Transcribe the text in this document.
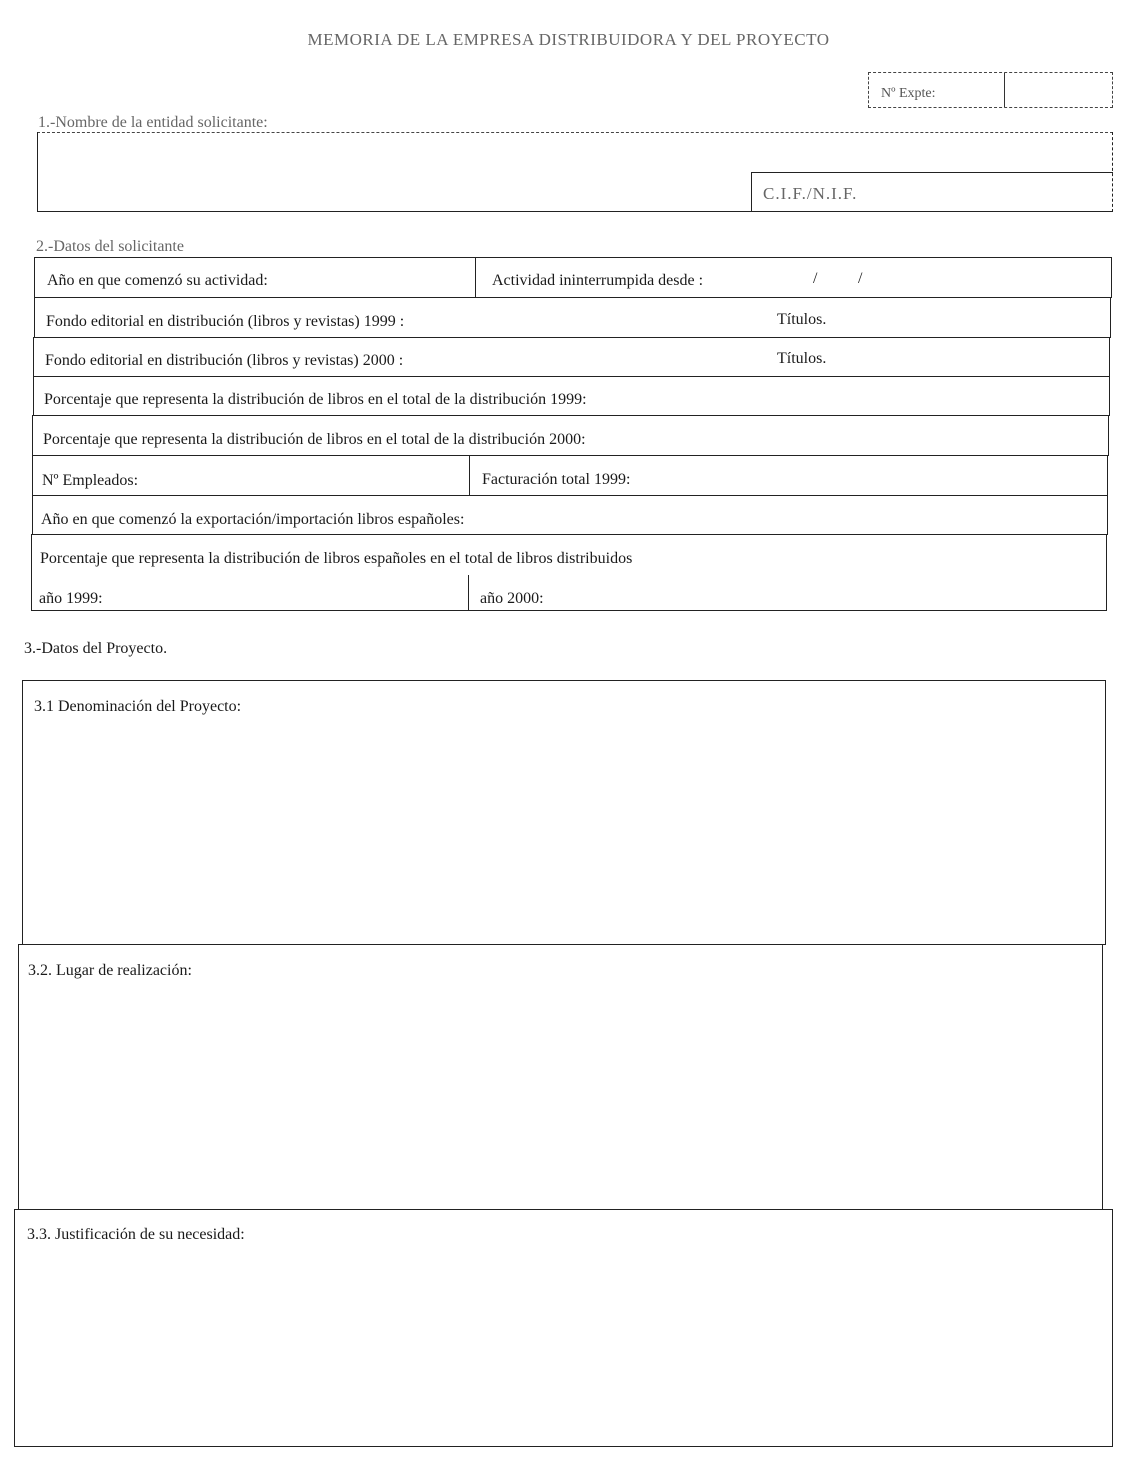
MEMORIA DE LA EMPRESA DISTRIBUIDORA Y DEL PROYECTO
Nº Expte:
1.-Nombre de la entidad solicitante:
C.I.F./N.I.F.
2.-Datos del solicitante
Año en que comenzó su actividad:	Actividad ininterrumpida desde :	/	/
Fondo editorial en distribución (libros y revistas) 1999 :	Títulos.
Fondo editorial en distribución (libros y revistas) 2000 :	Títulos.
Porcentaje que representa la distribución de libros en el total de la distribución 1999:
Porcentaje que representa la distribución de libros en el total de la distribución 2000:
Nº Empleados:	Facturación total 1999:
Año en que comenzó la exportación/importación libros españoles:
Porcentaje que representa la distribución de libros españoles en el total de libros distribuidos
año 1999:	año 2000:
3.-Datos del Proyecto.
3.1 Denominación del Proyecto:
3.2. Lugar de realización:
3.3. Justificación de su necesidad:
